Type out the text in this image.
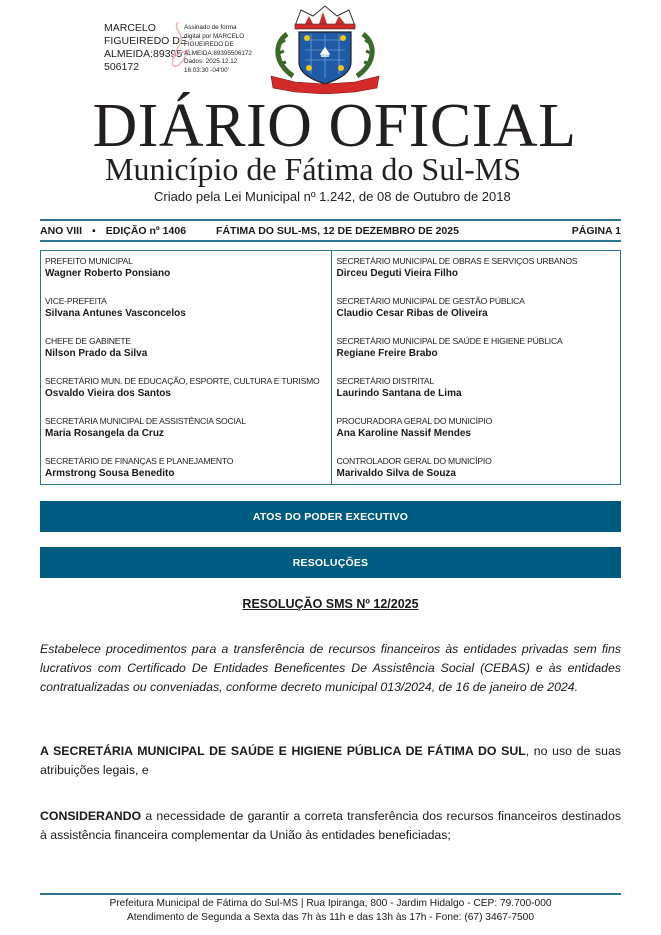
MARCELO
FIGUEIREDO DE
ALMEIDA:89395
506172
Assinado de forma
digital por MARCELO
FIGUEIREDO DE
ALMEIDA:89395506172
Dados: 2025.12.12
16:03:30 -04'00'
DIÁRIO OFICIAL
Município de Fátima do Sul-MS
Criado pela Lei Municipal nº 1.242, de 08 de Outubro de 2018
ANO VIII ▪ EDIÇÃO nº 1406	FÁTIMA DO SUL-MS, 12 DE DEZEMBRO DE 2025	PÁGINA 1
PREFEITO MUNICIPAL
Wagner Roberto Ponsiano
VICE-PREFEITA
Silvana Antunes Vasconcelos
CHEFE DE GABINETE
Nilson Prado da Silva
SECRETÁRIO MUN. DE EDUCAÇÃO, ESPORTE, CULTURA E TURISMO
Osvaldo Vieira dos Santos
SECRETÁRIA MUNICIPAL DE ASSISTÊNCIA SOCIAL
Maria Rosangela da Cruz
SECRETÁRIO DE FINANÇAS E PLANEJAMENTO
Armstrong Sousa Benedito
SECRETÁRIO MUNICIPAL DE OBRAS E SERVIÇOS URBANOS
Dirceu Deguti Vieira Filho
SECRETÁRIO MUNICIPAL DE GESTÃO PÚBLICA
Claudio Cesar Ribas de Oliveira
SECRETÁRIO MUNICIPAL DE SAÚDE E HIGIENE PÚBLICA
Regiane Freire Brabo
SECRETÁRIO DISTRITAL
Laurindo Santana de Lima
PROCURADORA GERAL DO MUNICÍPIO
Ana Karoline Nassif Mendes
CONTROLADOR GERAL DO MUNICÍPIO
Marivaldo Silva de Souza
ATOS DO PODER EXECUTIVO
RESOLUÇÕES
RESOLUÇÃO SMS Nº 12/2025
Estabelece procedimentos para a transferência de recursos financeiros às entidades privadas sem fins lucrativos com Certificado De Entidades Beneficentes De Assistência Social (CEBAS) e às entidades contratualizadas ou conveniadas, conforme decreto municipal 013/2024, de 16 de janeiro de 2024.
A SECRETÁRIA MUNICIPAL DE SAÚDE E HIGIENE PÚBLICA DE FÁTIMA DO SUL, no uso de suas atribuições legais, e
CONSIDERANDO a necessidade de garantir a correta transferência dos recursos financeiros destinados à assistência financeira complementar da União às entidades beneficiadas;
Prefeitura Municipal de Fátima do Sul-MS | Rua Ipiranga, 800 - Jardim Hidalgo - CEP: 79.700-000
Atendimento de Segunda a Sexta das 7h às 11h e das 13h às 17h - Fone: (67) 3467-7500
